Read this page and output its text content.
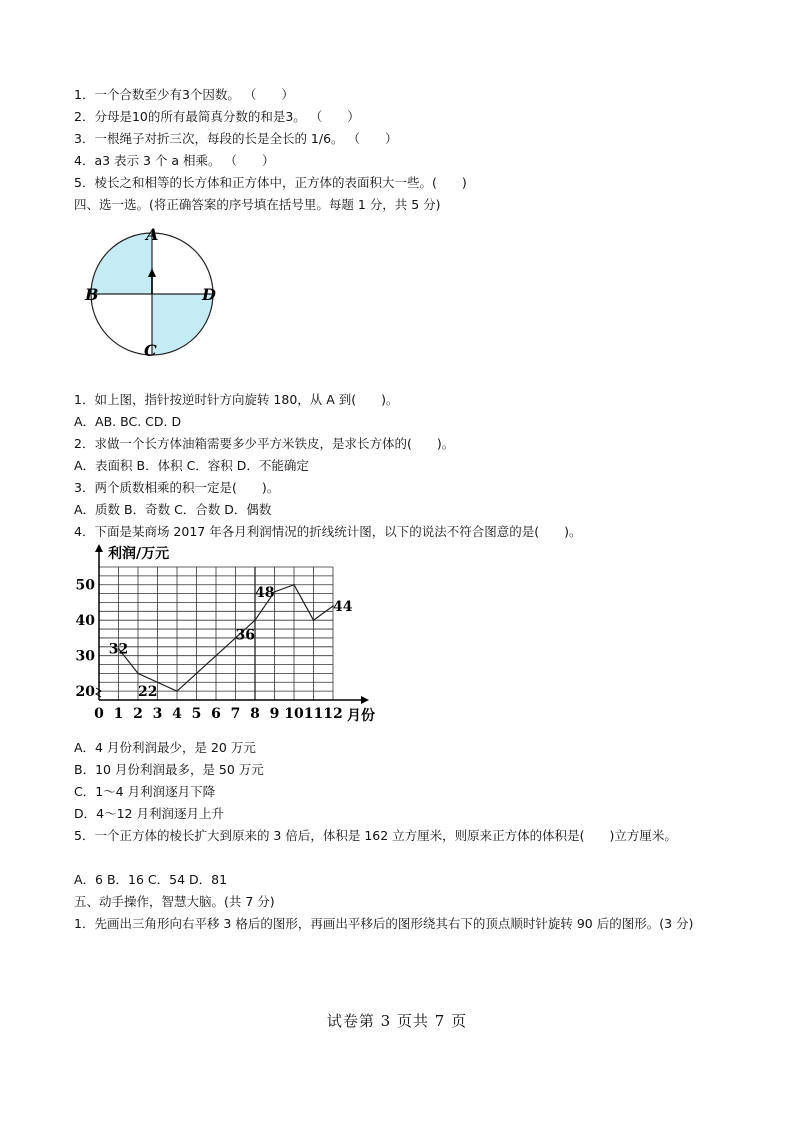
1．一个合数至少有3个因数。 （　　）
2．分母是10的所有最简真分数的和是3。 （　　）
3．一根绳子对折三次，每段的长是全长的 1/6。 （　　）
4．a3 表示 3 个 a 相乘。 （　　）
5．棱长之和相等的长方体和正方体中，正方体的表面积大一些。(　　)
四、选一选。(将正确答案的序号填在括号里。每题 1 分，共 5 分)
A
B	D
C
1．如上图，指针按逆时针方向旋转 180，从 A 到(　　)。
A．AB. BC. CD. D
2．求做一个长方体油箱需要多少平方米铁皮，是求长方体的(　　)。
A．表面积 B．体积 C．容积 D．不能确定
3．两个质数相乘的积一定是(　　)。
A．质数 B．奇数 C．合数 D．偶数
4．下面是某商场 2017 年各月利润情况的折线统计图，以下的说法不符合图意的是(　　)。
0 1 2 3 4 5 6 7 8 9 10 11 12
20
30
40
50
32
22
36
48
44
利润/万元
月份
A．4 月份利润最少，是 20 万元
B．10 月份利润最多，是 50 万元
C．1～4 月利润逐月下降
D．4～12 月利润逐月上升
5．一个正方体的棱长扩大到原来的 3 倍后，体积是 162 立方厘米，则原来正方体的体积是(　　)立方厘米。
A．6 B．16 C．54 D．81
五、动手操作，智慧大脑。(共 7 分)
1．先画出三角形向右平移 3 格后的图形，再画出平移后的图形绕其右下的顶点顺时针旋转 90 后的图形。(3 分)
试卷第 3 页共 7 页
